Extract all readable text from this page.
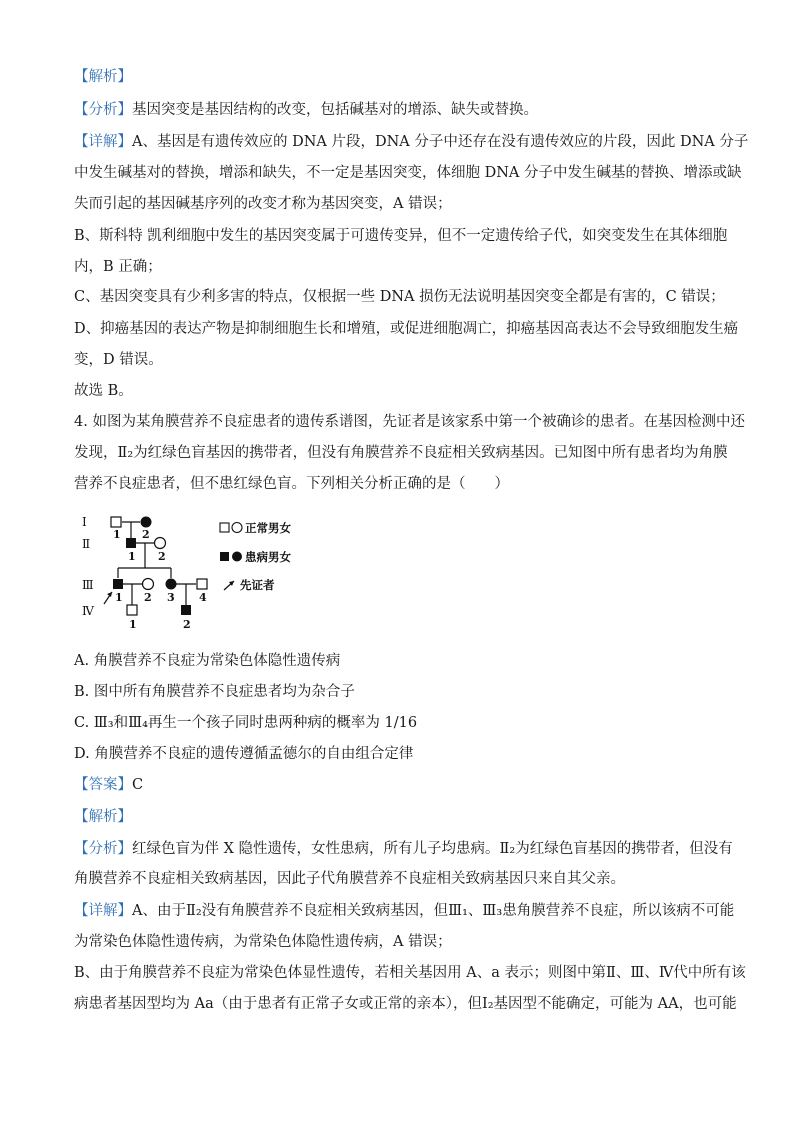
【解析】
【分析】基因突变是基因结构的改变，包括碱基对的增添、缺失或替换。
【详解】A、基因是有遗传效应的 DNA 片段，DNA 分子中还存在没有遗传效应的片段，因此 DNA 分子
中发生碱基对的替换，增添和缺失，不一定是基因突变，体细胞 DNA 分子中发生碱基的替换、增添或缺
失而引起的基因碱基序列的改变才称为基因突变，A 错误；
B、斯科特 凯利细胞中发生的基因突变属于可遗传变异，但不一定遗传给子代，如突变发生在其体细胞
内，B 正确；
C、基因突变具有少利多害的特点，仅根据一些 DNA 损伤无法说明基因突变全都是有害的，C 错误；
D、抑癌基因的表达产物是抑制细胞生长和增殖，或促进细胞凋亡，抑癌基因高表达不会导致细胞发生癌
变，D 错误。
故选 B。
4. 如图为某角膜营养不良症患者的遗传系谱图，先证者是该家系中第一个被确诊的患者。在基因检测中还
发现，Ⅱ₂为红绿色盲基因的携带者，但没有角膜营养不良症相关致病基因。已知图中所有患者均为角膜
营养不良症患者，但不患红绿色盲。下列相关分析正确的是（　　）
Ⅰ
Ⅱ
Ⅲ
Ⅳ
1 2
1 2
1 2 3 4
1	2
正常男女
患病男女
先证者
A. 角膜营养不良症为常染色体隐性遗传病
B. 图中所有角膜营养不良症患者均为杂合子
C. Ⅲ₃和Ⅲ₄再生一个孩子同时患两种病的概率为 1/16
D. 角膜营养不良症的遗传遵循孟德尔的自由组合定律
【答案】C
【解析】
【分析】红绿色盲为伴 X 隐性遗传，女性患病，所有儿子均患病。Ⅱ₂为红绿色盲基因的携带者，但没有
角膜营养不良症相关致病基因，因此子代角膜营养不良症相关致病基因只来自其父亲。
【详解】A、由于Ⅱ₂没有角膜营养不良症相关致病基因，但Ⅲ₁、Ⅲ₃患角膜营养不良症，所以该病不可能
为常染色体隐性遗传病，为常染色体隐性遗传病，A 错误；
B、由于角膜营养不良症为常染色体显性遗传，若相关基因用 A、a 表示；则图中第Ⅱ、Ⅲ、Ⅳ代中所有该
病患者基因型均为 Aa（由于患者有正常子女或正常的亲本），但Ⅰ₂基因型不能确定，可能为 AA，也可能
